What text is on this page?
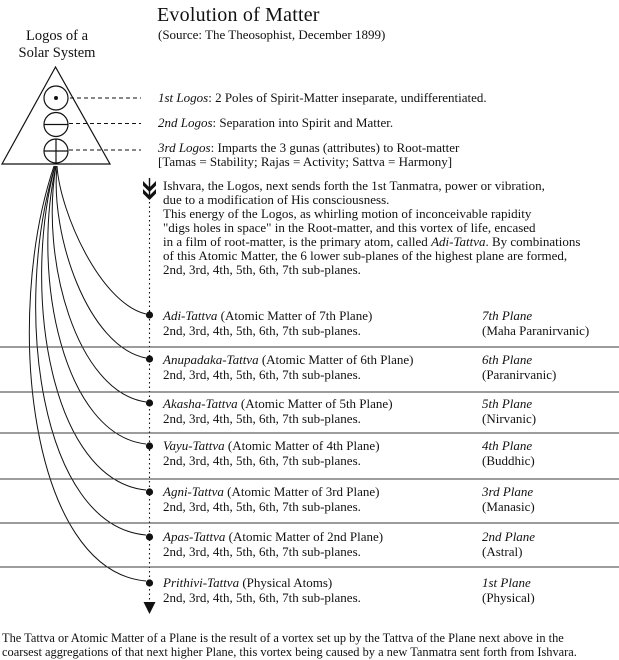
Evolution of Matter
(Source: The Theosophist, December 1899)
Logos of a
Solar System
1st Logos: 2 Poles of Spirit-Matter inseparate, undifferentiated.
2nd Logos: Separation into Spirit and Matter.
3rd Logos: Imparts the 3 gunas (attributes) to Root-matter
[Tamas = Stability; Rajas = Activity; Sattva = Harmony]
Ishvara, the Logos, next sends forth the 1st Tanmatra, power or vibration,
due to a modification of His consciousness.
This energy of the Logos, as whirling motion of inconceivable rapidity
"digs holes in space" in the Root-matter, and this vortex of life, encased
in a film of root-matter, is the primary atom, called Adi-Tattva. By combinations
of this Atomic Matter, the 6 lower sub-planes of the highest plane are formed,
2nd, 3rd, 4th, 5th, 6th, 7th sub-planes.
Adi-Tattva (Atomic Matter of 7th Plane)
2nd, 3rd, 4th, 5th, 6th, 7th sub-planes.
7th Plane
(Maha Paranirvanic)
Anupadaka-Tattva (Atomic Matter of 6th Plane)
2nd, 3rd, 4th, 5th, 6th, 7th sub-planes.
6th Plane
(Paranirvanic)
Akasha-Tattva (Atomic Matter of 5th Plane)
2nd, 3rd, 4th, 5th, 6th, 7th sub-planes.
5th Plane
(Nirvanic)
Vayu-Tattva (Atomic Matter of 4th Plane)
2nd, 3rd, 4th, 5th, 6th, 7th sub-planes.
4th Plane
(Buddhic)
Agni-Tattva (Atomic Matter of 3rd Plane)
2nd, 3rd, 4th, 5th, 6th, 7th sub-planes.
3rd Plane
(Manasic)
Apas-Tattva (Atomic Matter of 2nd Plane)
2nd, 3rd, 4th, 5th, 6th, 7th sub-planes.
2nd Plane
(Astral)
Prithivi-Tattva (Physical Atoms)
2nd, 3rd, 4th, 5th, 6th, 7th sub-planes.
1st Plane
(Physical)
The Tattva or Atomic Matter of a Plane is the result of a vortex set up by the Tattva of the Plane next above in the
coarsest aggregations of that next higher Plane, this vortex being caused by a new Tanmatra sent forth from Ishvara.
